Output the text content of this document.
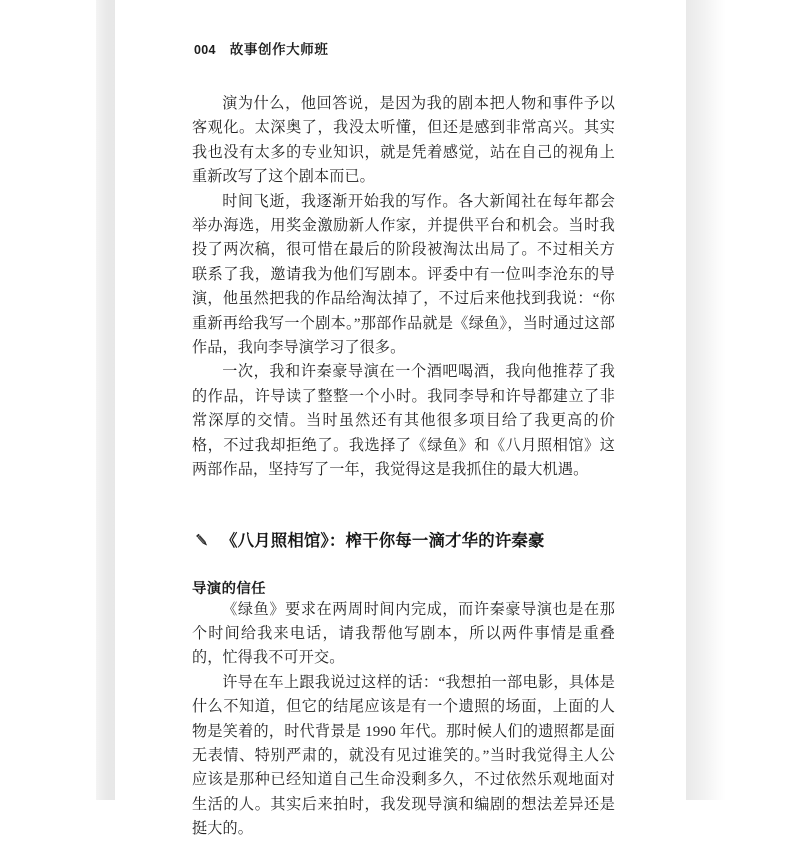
004 故事创作大师班

演为什么，他回答说，是因为我的剧本把人物和事件予以客观化。太深奥了，我没太听懂，但还是感到非常高兴。其实我也没有太多的专业知识，就是凭着感觉，站在自己的视角上重新改写了这个剧本而已。

时间飞逝，我逐渐开始我的写作。各大新闻社在每年都会举办海选，用奖金激励新人作家，并提供平台和机会。当时我投了两次稿，很可惜在最后的阶段被淘汰出局了。不过相关方联系了我，邀请我为他们写剧本。评委中有一位叫李沧东的导演，他虽然把我的作品给淘汰掉了，不过后来他找到我说：“你重新再给我写一个剧本。”那部作品就是《绿鱼》，当时通过这部作品，我向李导演学习了很多。

一次，我和许秦豪导演在一个酒吧喝酒，我向他推荐了我的作品，许导读了整整一个小时。我同李导和许导都建立了非常深厚的交情。当时虽然还有其他很多项目给了我更高的价格，不过我却拒绝了。我选择了《绿鱼》和《八月照相馆》这两部作品，坚持写了一年，我觉得这是我抓住的最大机遇。

《八月照相馆》：榨干你每一滴才华的许秦豪
导演的信任

《绿鱼》要求在两周时间内完成，而许秦豪导演也是在那个时间给我来电话，请我帮他写剧本，所以两件事情是重叠的，忙得我不可开交。

许导在车上跟我说过这样的话：“我想拍一部电影，具体是什么不知道，但它的结尾应该是有一个遗照的场面，上面的人物是笑着的，时代背景是 1990 年代。那时候人们的遗照都是面无表情、特别严肃的，就没有见过谁笑的。”当时我觉得主人公应该是那种已经知道自己生命没剩多久，不过依然乐观地面对生活的人。其实后来拍时，我发现导演和编剧的想法差异还是挺大的。
